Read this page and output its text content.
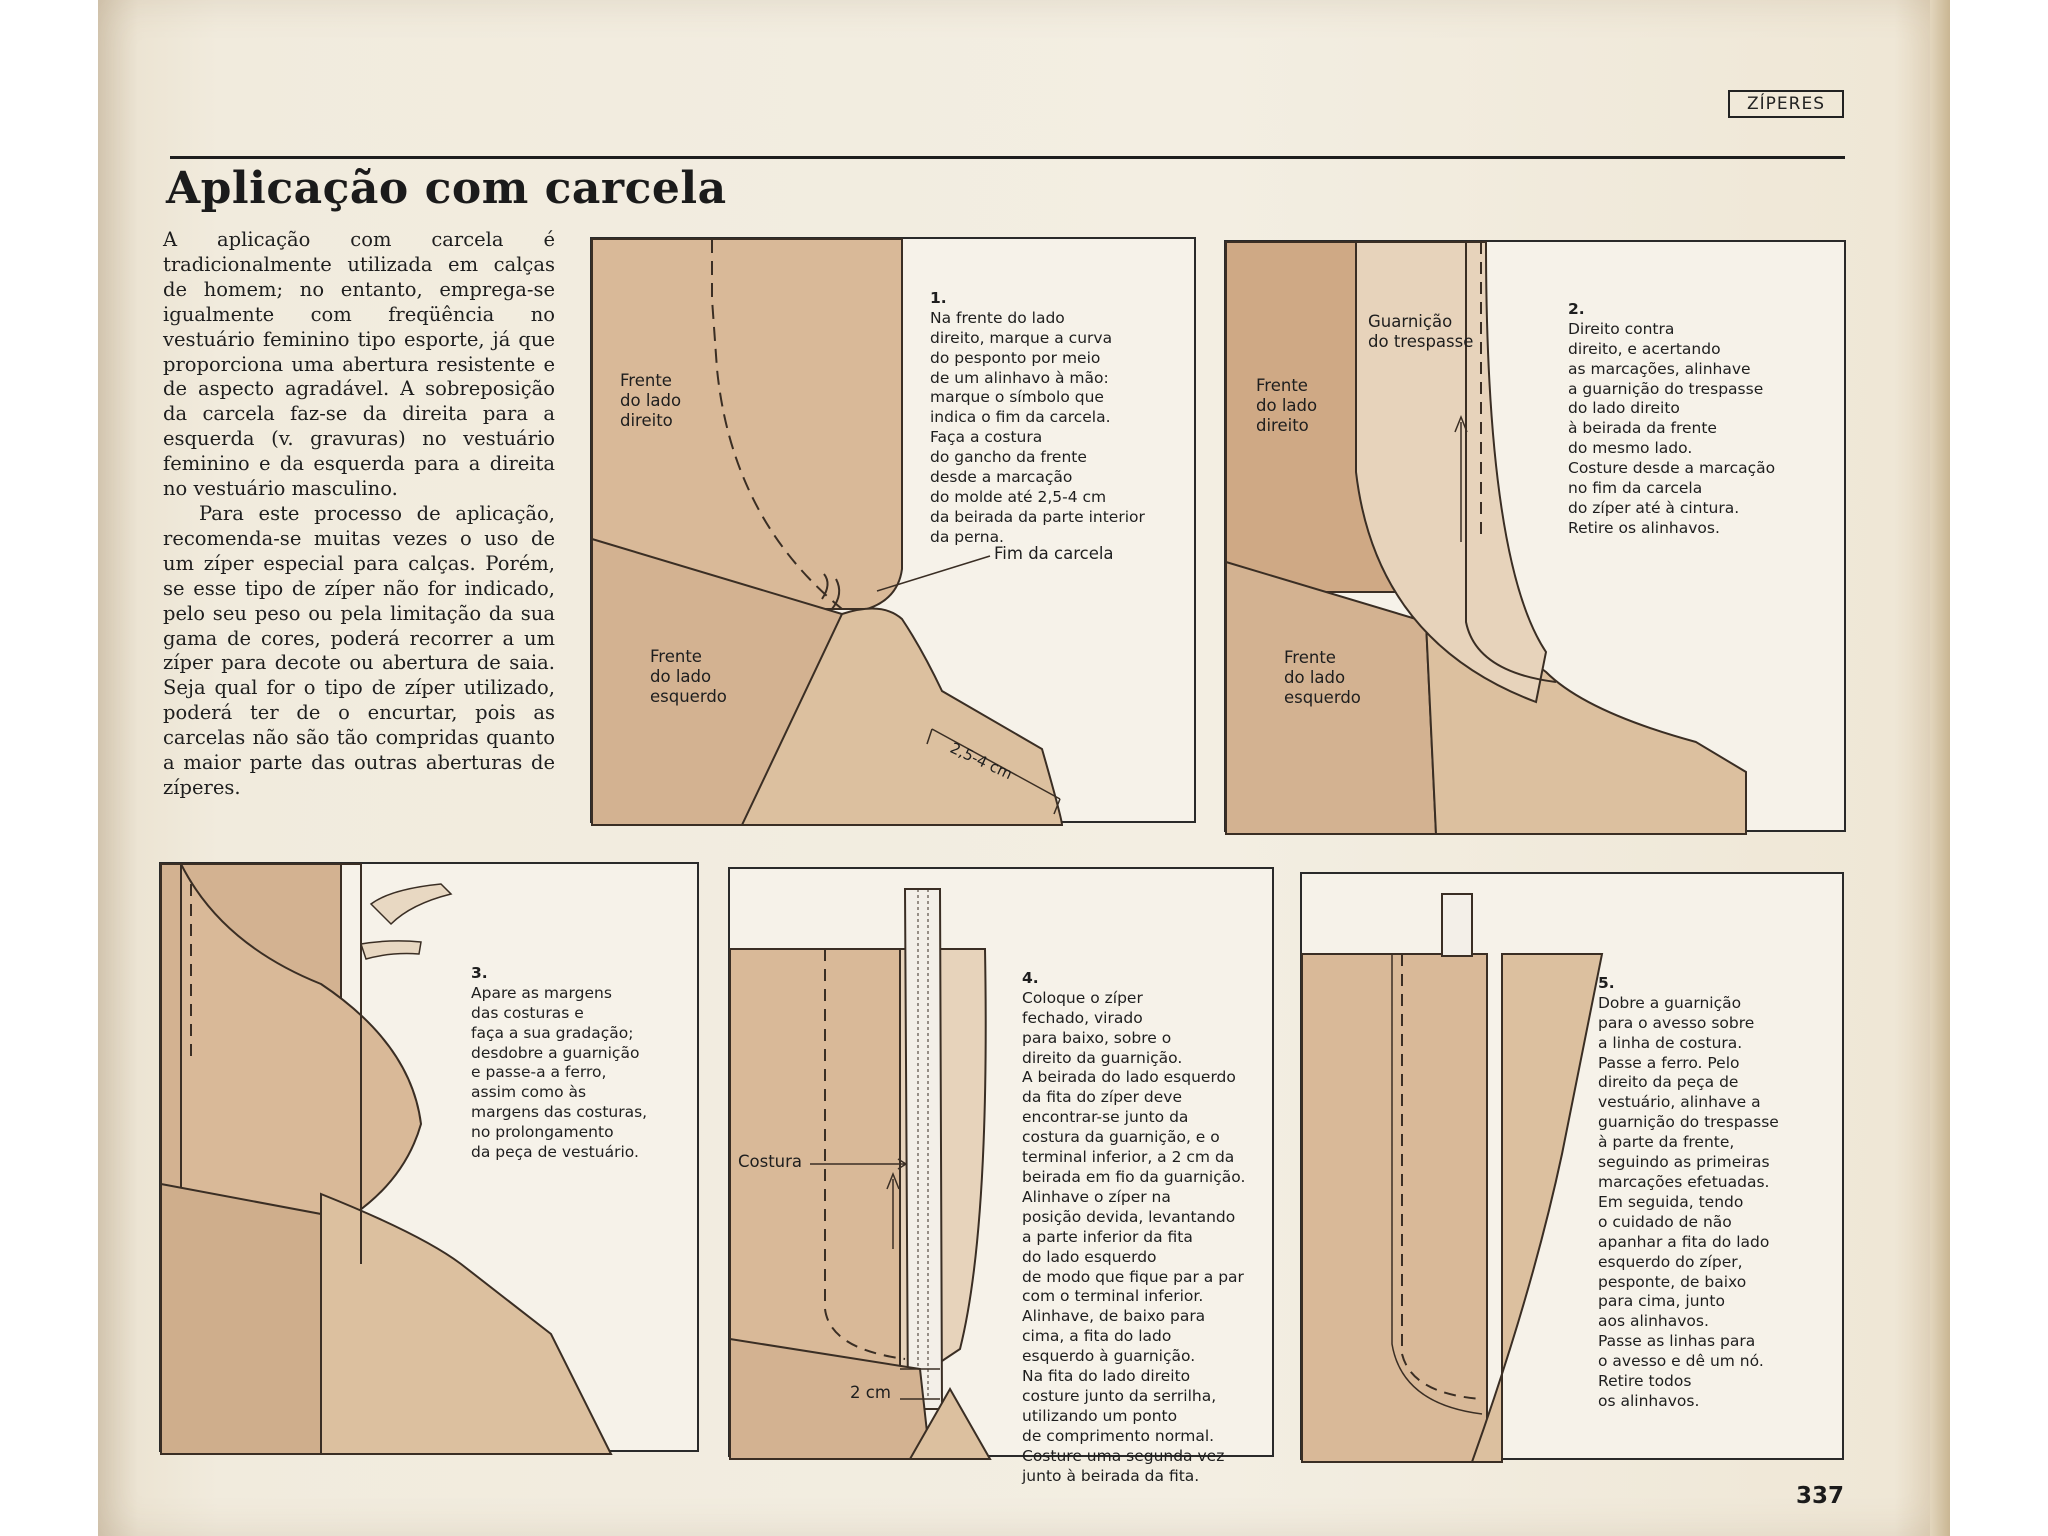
ZÍPERES
Aplicação com carcela

A aplicação com carcela é tradicionalmente utilizada em calças de homem; no entanto, emprega-se igualmente com freqüência no vestuário feminino tipo esporte, já que proporciona uma abertura resistente e de aspecto agradável. A sobreposição da carcela faz-se da direita para a esquerda (v. gravuras) no vestuário feminino e da esquerda para a direita no vestuário masculino.

Para este processo de aplicação, recomenda-se muitas vezes o uso de um zíper especial para calças. Porém, se esse tipo de zíper não for indicado, pelo seu peso ou pela limitação da sua gama de cores, poderá recorrer a um zíper para decote ou abertura de saia. Seja qual for o tipo de zíper utilizado, poderá ter de o encurtar, pois as carcelas não são tão compridas quanto a maior parte das outras aberturas de zíperes.

Frente
do lado
direito
Frente
do lado
esquerdo
Fim da carcela
2,5-4 cm

1.
Na frente do lado
direito, marque a curva
do pesponto por meio
de um alinhavo à mão:
marque o símbolo que
indica o fim da carcela.
Faça a costura
do gancho da frente
desde a marcação
do molde até 2,5-4 cm
da beirada da parte interior
da perna.

Guarnição
do trespasse
Frente
do lado
direito
Frente
do lado
esquerdo

2.
Direito contra
direito, e acertando
as marcações, alinhave
a guarnição do trespasse
do lado direito
à beirada da frente
do mesmo lado.
Costure desde a marcação
no fim da carcela
do zíper até à cintura.
Retire os alinhavos.

3.
Apare as margens
das costuras e
faça a sua gradação;
desdobre a guarnição
e passe-a a ferro,
assim como às
margens das costuras,
no prolongamento
da peça de vestuário.	Costura
2 cm

4.
Coloque o zíper
fechado, virado
para baixo, sobre o
direito da guarnição.
A beirada do lado esquerdo
da fita do zíper deve
encontrar-se junto da
costura da guarnição, e o
terminal inferior, a 2 cm da
beirada em fio da guarnição.
Alinhave o zíper na
posição devida, levantando
a parte inferior da fita
do lado esquerdo
de modo que fique par a par
com o terminal inferior.
Alinhave, de baixo para
cima, a fita do lado
esquerdo à guarnição.
Na fita do lado direito
costure junto da serrilha,
utilizando um ponto
de comprimento normal.
Costure uma segunda vez
junto à beirada da fita.

5.
Dobre a guarnição
para o avesso sobre
a linha de costura.
Passe a ferro. Pelo
direito da peça de
vestuário, alinhave a
guarnição do trespasse
à parte da frente,
seguindo as primeiras
marcações efetuadas.
Em seguida, tendo
o cuidado de não
apanhar a fita do lado
esquerdo do zíper,
pesponte, de baixo
para cima, junto
aos alinhavos.
Passe as linhas para
o avesso e dê um nó.
Retire todos
os alinhavos.

337
